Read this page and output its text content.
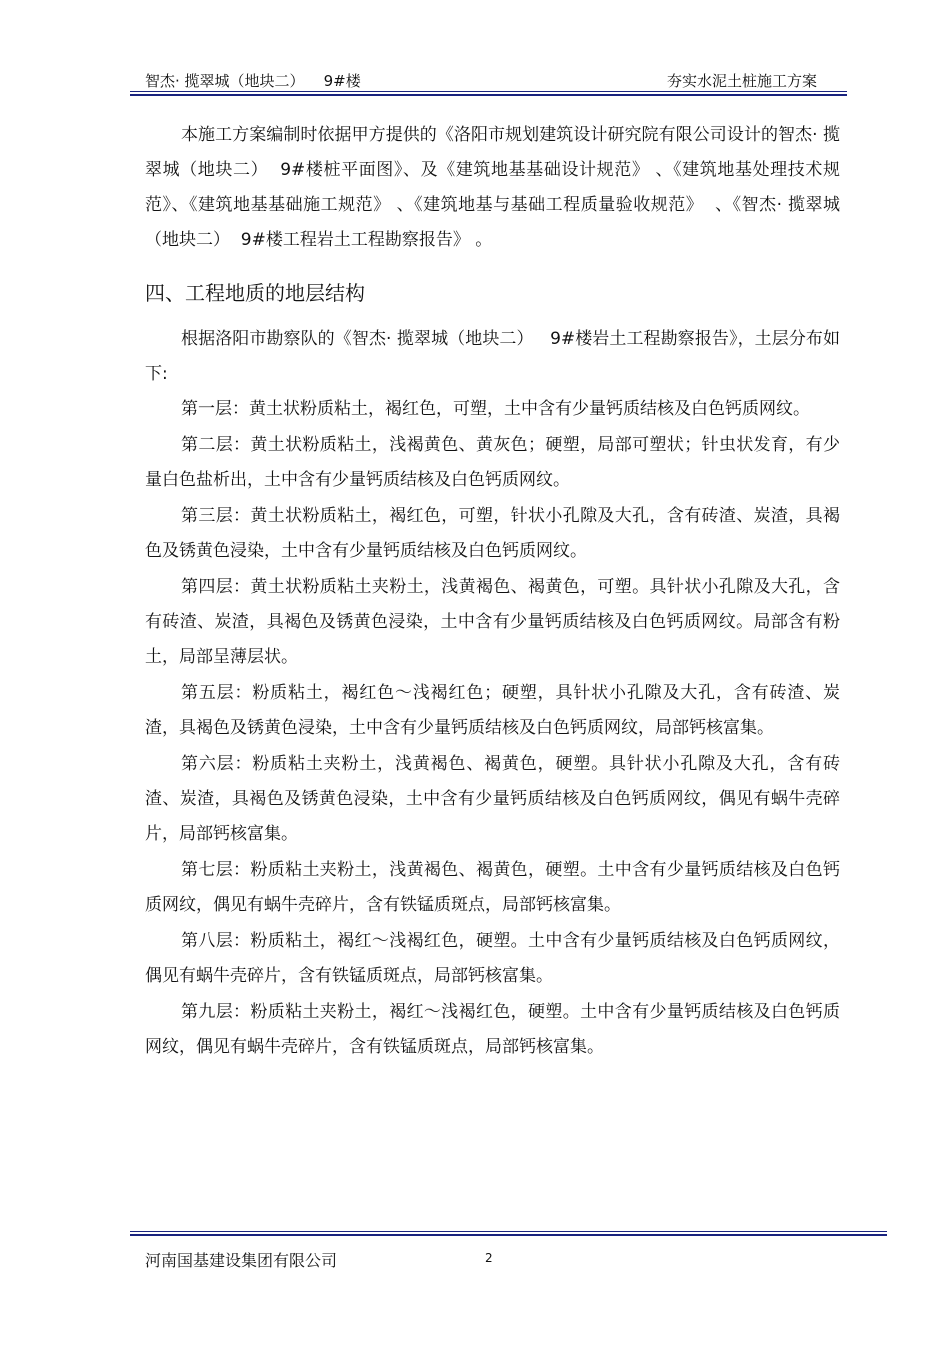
智杰· 揽翠城（地块二）    9#楼	夯实水泥土桩施工方案

本施工方案编制时依据甲方提供的《洛阳市规划建筑设计研究院有限公司设计的智杰· 揽翠城（地块二）  9#楼桩平面图》、及《建筑地基基础设计规范》 、《建筑地基处理技术规范》、《建筑地基基础施工规范》 、《建筑地基与基础工程质量验收规范》  、《智杰· 揽翠城（地块二）  9#楼工程岩土工程勘察报告》 。

四、工程地质的地层结构

根据洛阳市勘察队的《智杰· 揽翠城（地块二）   9#楼岩土工程勘察报告》，土层分布如下:

第一层：黄土状粉质粘土，褐红色，可塑，土中含有少量钙质结核及白色钙质网纹。

第二层：黄土状粉质粘土，浅褐黄色、黄灰色；硬塑，局部可塑状；针虫状发育，有少量白色盐析出，土中含有少量钙质结核及白色钙质网纹。

第三层：黄土状粉质粘土，褐红色，可塑，针状小孔隙及大孔，含有砖渣、炭渣，具褐色及锈黄色浸染，土中含有少量钙质结核及白色钙质网纹。

第四层：黄土状粉质粘土夹粉土，浅黄褐色、褐黄色，可塑。具针状小孔隙及大孔，含有砖渣、炭渣，具褐色及锈黄色浸染，土中含有少量钙质结核及白色钙质网纹。局部含有粉土，局部呈薄层状。

第五层：粉质粘土，褐红色～浅褐红色；硬塑，具针状小孔隙及大孔，含有砖渣、炭渣，具褐色及锈黄色浸染，土中含有少量钙质结核及白色钙质网纹，局部钙核富集。

第六层：粉质粘土夹粉土，浅黄褐色、褐黄色，硬塑。具针状小孔隙及大孔，含有砖渣、炭渣，具褐色及锈黄色浸染，土中含有少量钙质结核及白色钙质网纹，偶见有蜗牛壳碎片，局部钙核富集。

第七层：粉质粘土夹粉土，浅黄褐色、褐黄色，硬塑。土中含有少量钙质结核及白色钙质网纹，偶见有蜗牛壳碎片，含有铁锰质斑点，局部钙核富集。

第八层：粉质粘土，褐红～浅褐红色，硬塑。土中含有少量钙质结核及白色钙质网纹，偶见有蜗牛壳碎片，含有铁锰质斑点，局部钙核富集。

第九层：粉质粘土夹粉土，褐红～浅褐红色，硬塑。土中含有少量钙质结核及白色钙质网纹，偶见有蜗牛壳碎片，含有铁锰质斑点，局部钙核富集。

河南国基建设集团有限公司	2
